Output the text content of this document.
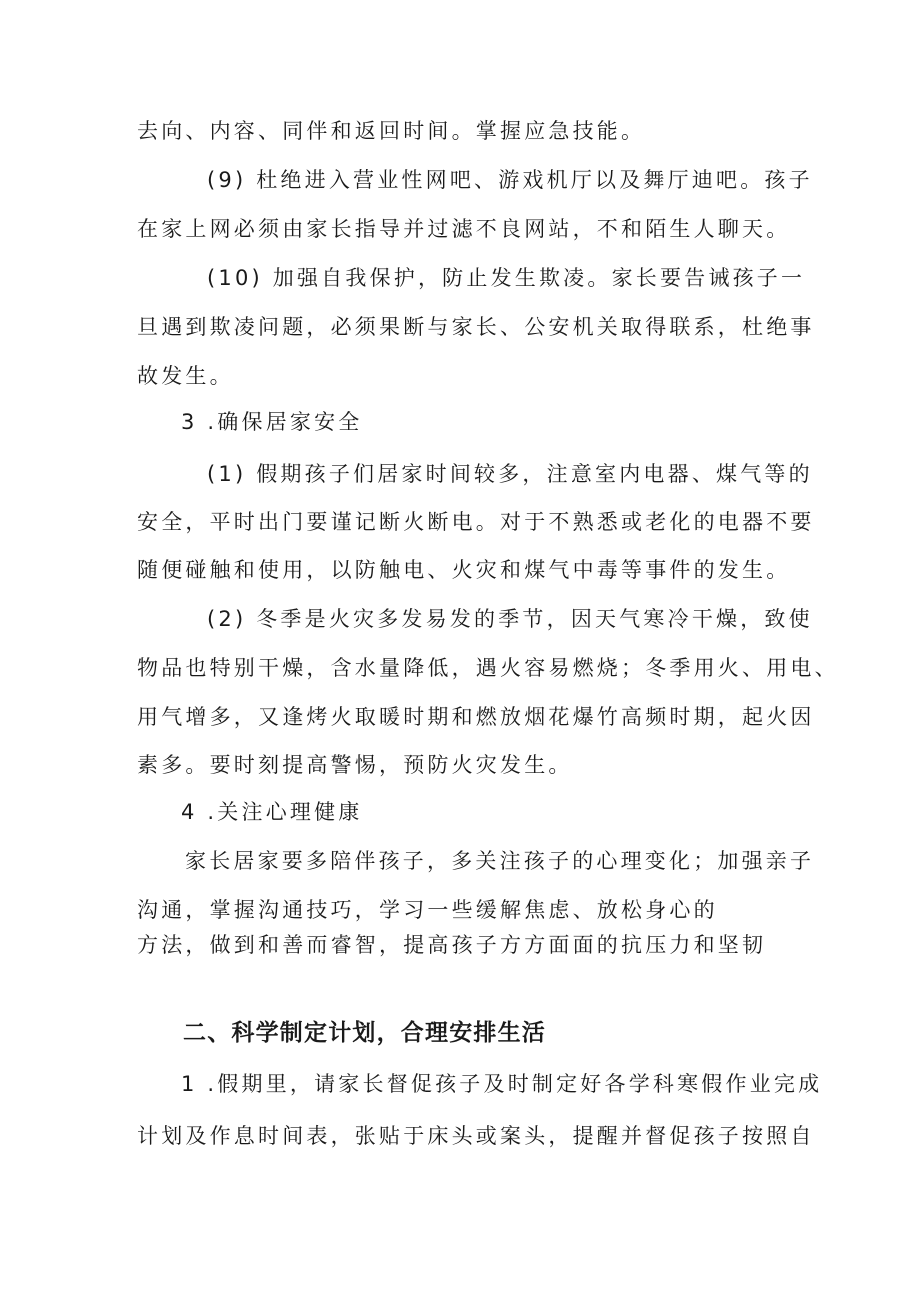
去向、内容、同伴和返回时间。掌握应急技能。
(9) 杜绝进入营业性网吧、游戏机厅以及舞厅迪吧。孩子
在家上网必须由家长指导并过滤不良网站，不和陌生人聊天。
(10) 加强自我保护，防止发生欺凌。家长要告诫孩子一
旦遇到欺凌问题，必须果断与家长、公安机关取得联系，杜绝事
故发生。
3 .确保居家安全
(1) 假期孩子们居家时间较多，注意室内电器、煤气等的
安全，平时出门要谨记断火断电。对于不熟悉或老化的电器不要
随便碰触和使用，以防触电、火灾和煤气中毒等事件的发生。
(2) 冬季是火灾多发易发的季节，因天气寒冷干燥，致使
物品也特别干燥，含水量降低，遇火容易燃烧；冬季用火、用电、
用气增多，又逢烤火取暖时期和燃放烟花爆竹高频时期，起火因
素多。要时刻提高警惕，预防火灾发生。
4 .关注心理健康
家长居家要多陪伴孩子，多关注孩子的心理变化；加强亲子
沟通，掌握沟通技巧，学习一些缓解焦虑、放松身心的
方法，做到和善而睿智，提高孩子方方面面的抗压力和坚韧
二、科学制定计划，合理安排生活
1 .假期里，请家长督促孩子及时制定好各学科寒假作业完成
计划及作息时间表，张贴于床头或案头，提醒并督促孩子按照自
